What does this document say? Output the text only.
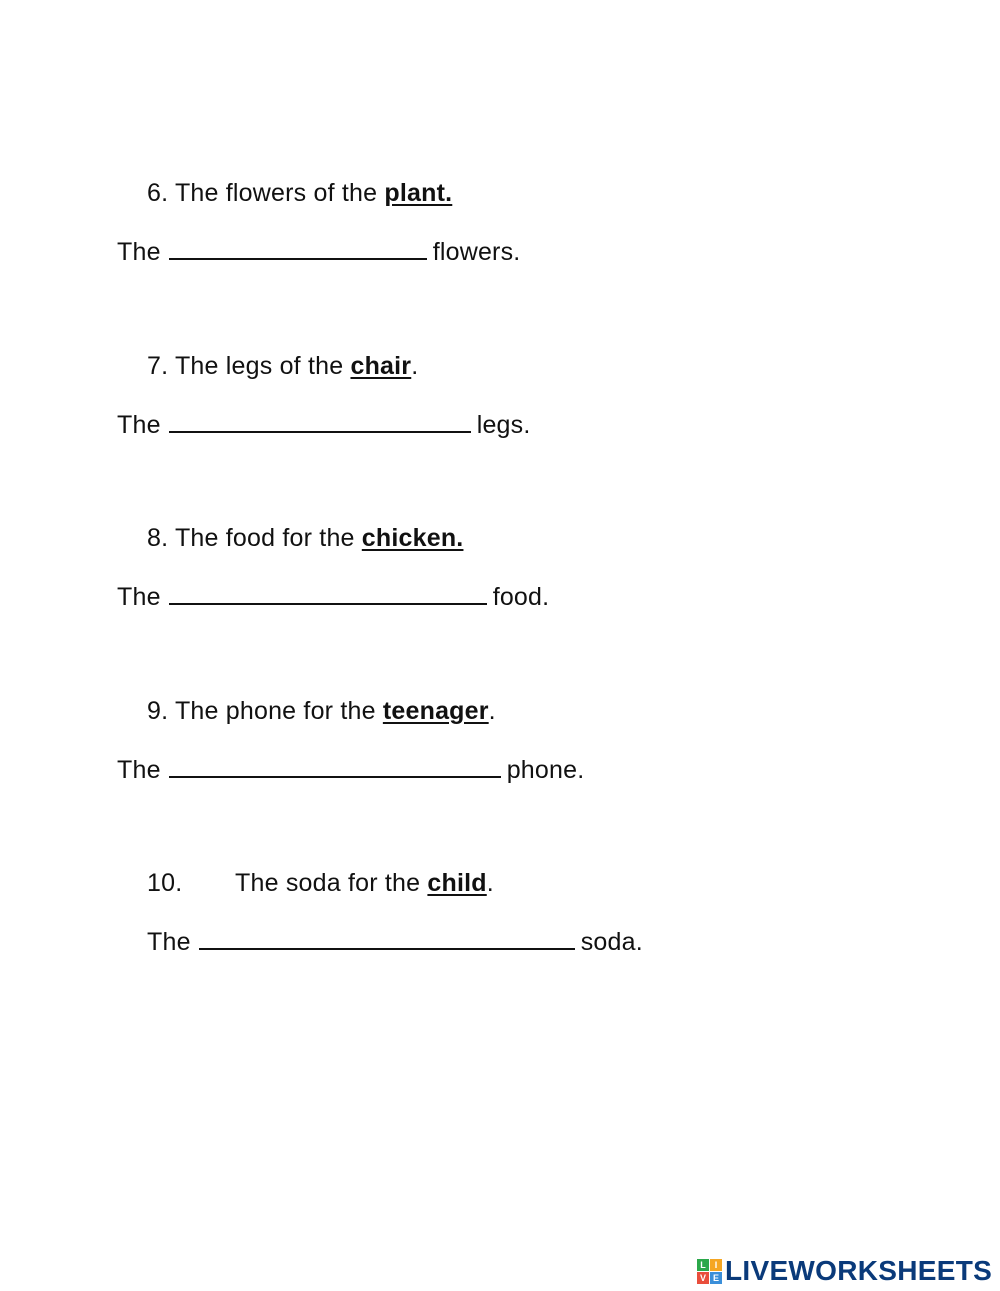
6. The flowers of the plant.
The	flowers.
7. The legs of the chair.
The	legs.
8. The food for the chicken.
The	food.
9. The phone for the teenager.
The	phone.
10. The soda for the child.
The	soda.
L I
V E LIVEWORKSHEETS
